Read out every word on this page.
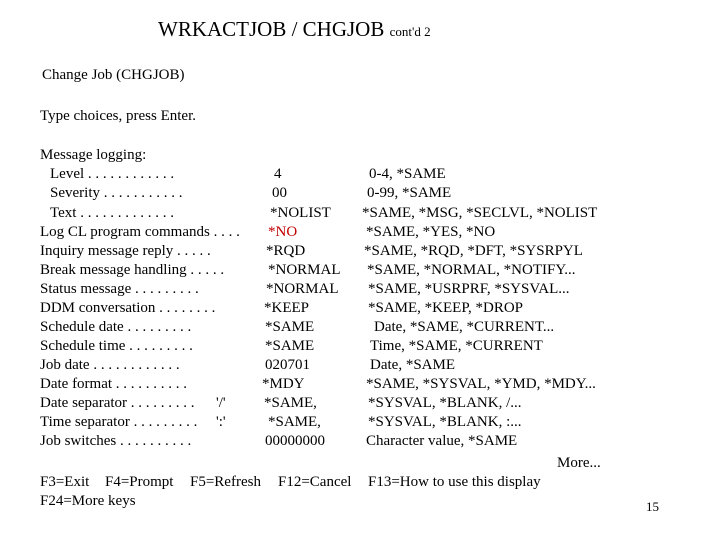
WRKACTJOB / CHGJOB cont'd 2
Change Job (CHGJOB)
Type choices, press Enter.
Message logging:
Level . . . . . . . . . . . .	4	0-4, *SAME
Severity . . . . . . . . . . .	00	0-99, *SAME
Text . . . . . . . . . . . . .	*NOLIST *SAME, *MSG, *SECLVL, *NOLIST
Log CL program commands . . . . *NO	*SAME, *YES, *NO
Inquiry message reply . . . . .	*RQD	*SAME, *RQD, *DFT, *SYSRPYL
Break message handling . . . . .	*NORMAL *SAME, *NORMAL, *NOTIFY...
Status message . . . . . . . . .	*NORMAL *SAME, *USRPRF, *SYSVAL...
DDM conversation . . . . . . . .	*KEEP	*SAME, *KEEP, *DROP
Schedule date . . . . . . . . .	*SAME	Date, *SAME, *CURRENT...
Schedule time . . . . . . . . .	*SAME	Time, *SAME, *CURRENT
Job date . . . . . . . . . . . .	020701	Date, *SAME
Date format . . . . . . . . . .	*MDY	*SAME, *SYSVAL, *YMD, *MDY...
Date separator . . . . . . . . . '/'	*SAME,	*SYSVAL, *BLANK, /...
Time separator . . . . . . . . . ':'	*SAME,	*SYSVAL, *BLANK, :...
Job switches . . . . . . . . . .	00000000	Character value, *SAME
More...
F3=Exit F4=Prompt F5=Refresh F12=Cancel F13=How to use this display
F24=More keys	15
